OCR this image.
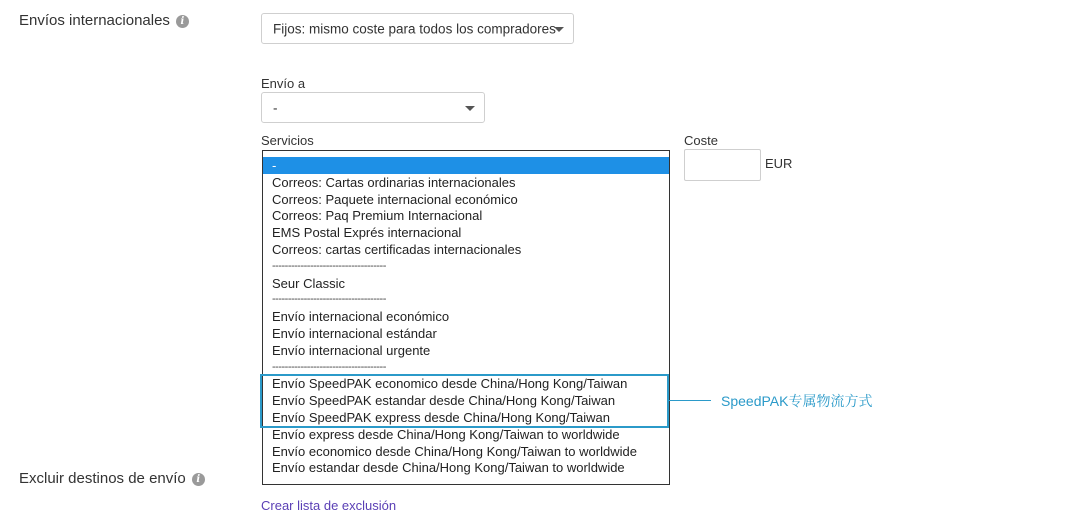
Envíos internacionales i	Fijos: mismo coste para todos los compradores
Envío a
-
Servicios
-
Correos: Cartas ordinarias internacionales
Correos: Paquete internacional económico
Correos: Paq Premium Internacional
EMS Postal Exprés internacional
Correos: cartas certificadas internacionales
------------------------------------
Seur Classic
------------------------------------
Envío internacional económico
Envío internacional estándar
Envío internacional urgente
------------------------------------
Envío SpeedPAK economico desde China/Hong Kong/Taiwan
Envío SpeedPAK estandar desde China/Hong Kong/Taiwan
Envío SpeedPAK express desde China/Hong Kong/Taiwan
Envío express desde China/Hong Kong/Taiwan to worldwide
Envío economico desde China/Hong Kong/Taiwan to worldwide
Envío estandar desde China/Hong Kong/Taiwan to worldwide
Coste
EUR
SpeedPAK专属物流方式
Excluir destinos de envío i
Crear lista de exclusión
